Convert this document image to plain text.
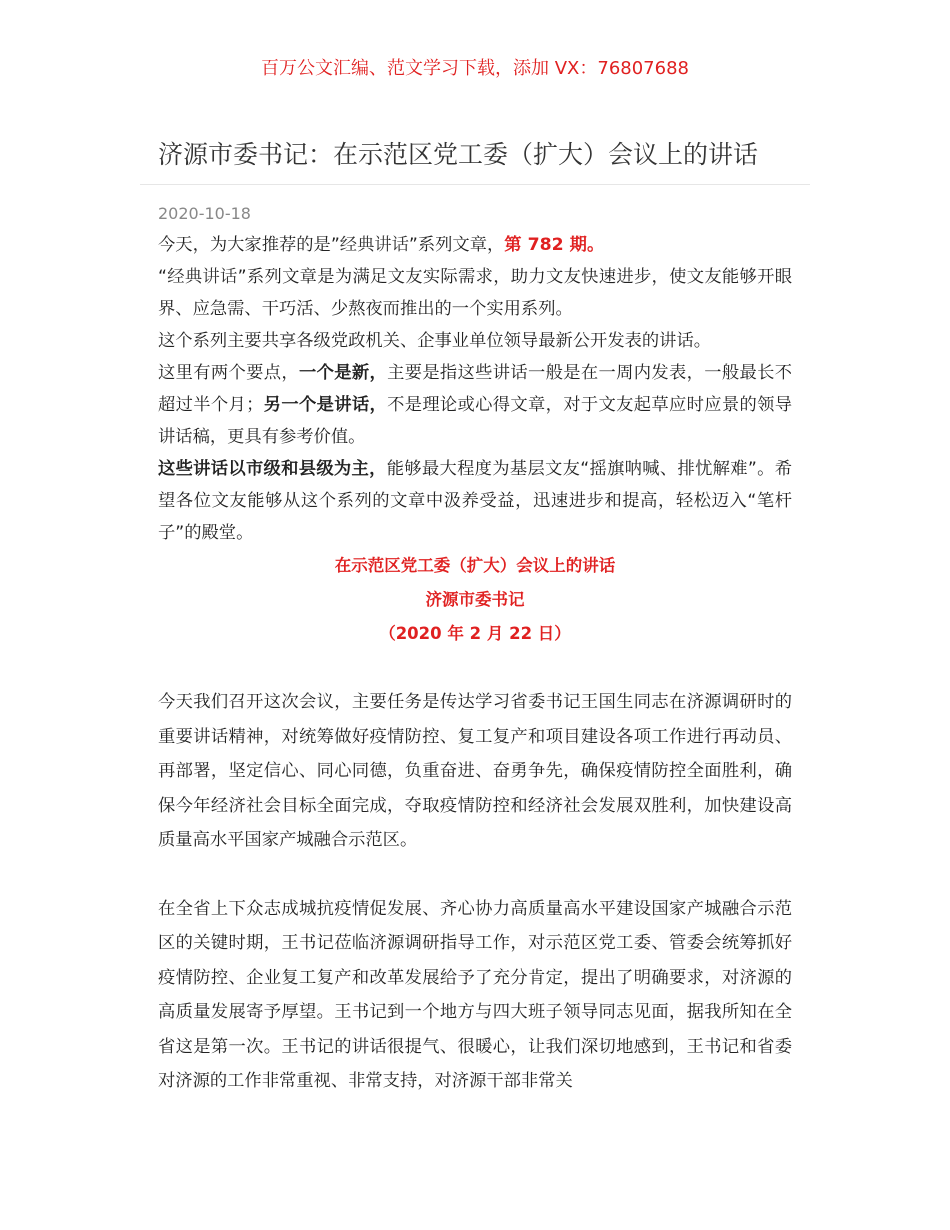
百万公文汇编、范文学习下载，添加 VX：76807688
济源市委书记：在示范区党工委（扩大）会议上的讲话
2020-10-18

今天，为大家推荐的是”经典讲话”系列文章，第 782 期。

“经典讲话”系列文章是为满足文友实际需求，助力文友快速进步，使文友能够开眼界、应急需、干巧活、少熬夜而推出的一个实用系列。

这个系列主要共享各级党政机关、企事业单位领导最新公开发表的讲话。

这里有两个要点，一个是新，主要是指这些讲话一般是在一周内发表，一般最长不超过半个月；另一个是讲话，不是理论或心得文章，对于文友起草应时应景的领导讲话稿，更具有参考价值。

这些讲话以市级和县级为主，能够最大程度为基层文友“摇旗呐喊、排忧解难”。希望各位文友能够从这个系列的文章中汲养受益，迅速进步和提高，轻松迈入“笔杆子”的殿堂。

在示范区党工委（扩大）会议上的讲话
济源市委书记
（2020 年 2 月 22 日）

今天我们召开这次会议，主要任务是传达学习省委书记王国生同志在济源调研时的重要讲话精神，对统筹做好疫情防控、复工复产和项目建设各项工作进行再动员、再部署，坚定信心、同心同德，负重奋进、奋勇争先，确保疫情防控全面胜利，确保今年经济社会目标全面完成，夺取疫情防控和经济社会发展双胜利，加快建设高质量高水平国家产城融合示范区。

在全省上下众志成城抗疫情促发展、齐心协力高质量高水平建设国家产城融合示范区的关键时期，王书记莅临济源调研指导工作，对示范区党工委、管委会统筹抓好疫情防控、企业复工复产和改革发展给予了充分肯定，提出了明确要求，对济源的高质量发展寄予厚望。王书记到一个地方与四大班子领导同志见面，据我所知在全省这是第一次。王书记的讲话很提气、很暖心，让我们深切地感到，王书记和省委对济源的工作非常重视、非常支持，对济源干部非常关
